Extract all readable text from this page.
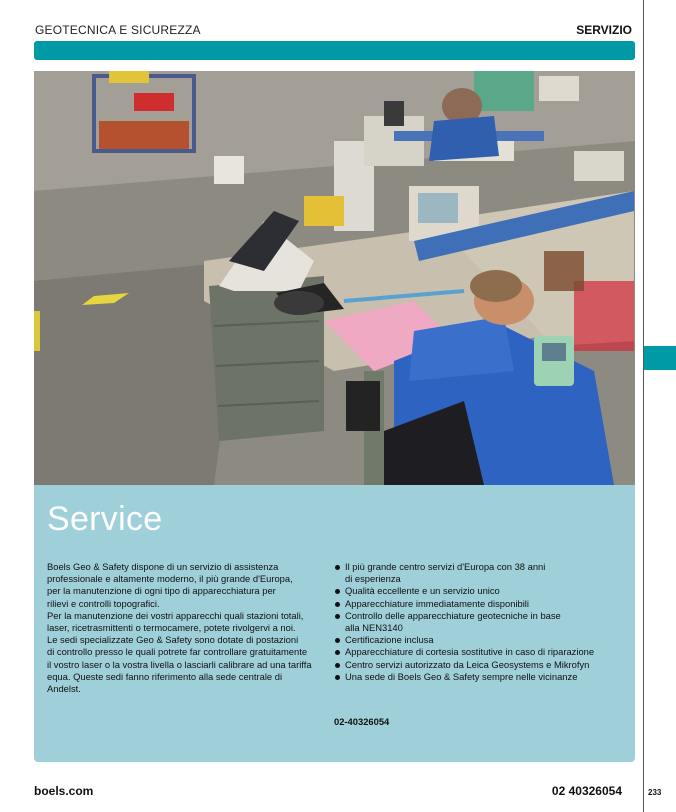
GEOTECNICA E SICUREZZA	SERVIZIO
Service

Boels Geo & Safety dispone di un servizio di assistenza

professionale e altamente moderno, il più grande d'Europa,

per la manutenzione di ogni tipo di apparecchiatura per

rilievi e controlli topografici.

Per la manutenzione dei vostri apparecchi quali stazioni totali,

laser, ricetrasmittenti o termocamere, potete rivolgervi a noi.

Le sedi specializzate Geo & Safety sono dotate di postazioni

di controllo presso le quali potrete far controllare gratuitamente

il vostro laser o la vostra livella o lasciarli calibrare ad una tariffa

equa. Queste sedi fanno riferimento alla sede centrale di Andelst.

Il più grande centro servizi d'Europa con 38 anni
di esperienza
Qualità eccellente e un servizio unico
Apparecchiature immediatamente disponibili
Controllo delle apparecchiature geotecniche in base
alla NEN3140
Certificazione inclusa
Apparecchiature di cortesia sostitutive in caso di riparazione
Centro servizi autorizzato da Leica Geosystems e Mikrofyn
Una sede di Boels Geo & Safety sempre nelle vicinanze
02-40326054
boels.com	02 40326054	233
